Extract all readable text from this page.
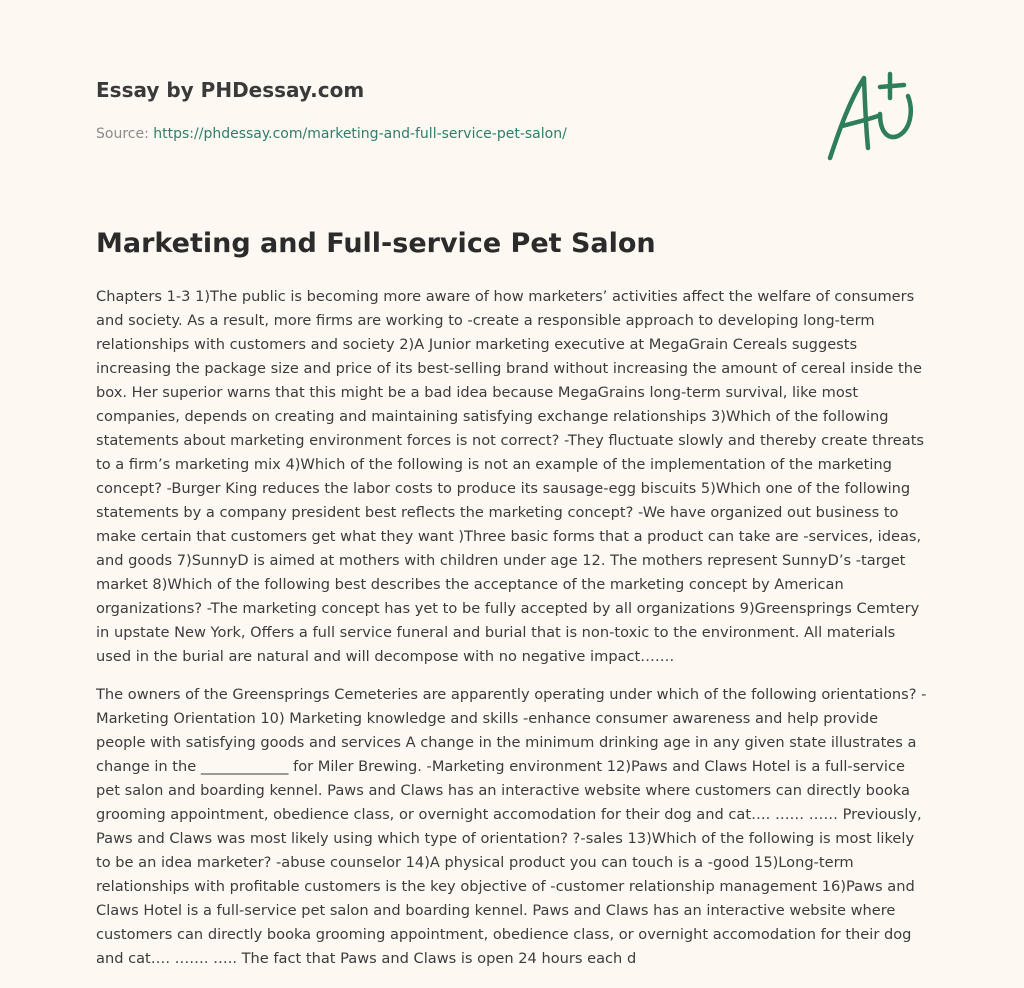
Essay by PHDessay.com
Source: https://phdessay.com/marketing-and-full-service-pet-salon/
Marketing and Full-service Pet Salon

Chapters 1-3 1)The public is becoming more aware of how marketers’ activities affect the welfare of consumers and society. As a result, more firms are working to -create a responsible approach to developing long-term relationships with customers and society 2)A Junior marketing executive at MegaGrain Cereals suggests increasing the package size and price of its best-selling brand without increasing the amount of cereal inside the box. Her superior warns that this might be a bad idea because MegaGrains long-term survival, like most companies, depends on creating and maintaining satisfying exchange relationships 3)Which of the following statements about marketing environment forces is not correct? -They fluctuate slowly and thereby create threats to a firm’s marketing mix 4)Which of the following is not an example of the implementation of the marketing concept? -Burger King reduces the labor costs to produce its sausage-egg biscuits 5)Which one of the following statements by a company president best reflects the marketing concept? -We have organized out business to make certain that customers get what they want )Three basic forms that a product can take are -services, ideas, and goods 7)SunnyD is aimed at mothers with children under age 12. The mothers represent SunnyD’s -target market 8)Which of the following best describes the acceptance of the marketing concept by American organizations? -The marketing concept has yet to be fully accepted by all organizations 9)Greensprings Cemtery in upstate New York, Offers a full service funeral and burial that is non-toxic to the environment. All materials used in the burial are natural and will decompose with no negative impact…….

The owners of the Greensprings Cemeteries are apparently operating under which of the following orientations? -Marketing Orientation 10) Marketing knowledge and skills -enhance consumer awareness and help provide people with satisfying goods and services A change in the minimum drinking age in any given state illustrates a change in the ____________ for Miler Brewing. -Marketing environment 12)Paws and Claws Hotel is a full-service pet salon and boarding kennel. Paws and Claws has an interactive website where customers can directly booka grooming appointment, obedience class, or overnight accomodation for their dog and cat…. …… …… Previously, Paws and Claws was most likely using which type of orientation? ?-sales 13)Which of the following is most likely to be an idea marketer? -abuse counselor 14)A physical product you can touch is a -good 15)Long-term relationships with profitable customers is the key objective of -customer relationship management 16)Paws and Claws Hotel is a full-service pet salon and boarding kennel. Paws and Claws has an interactive website where customers can directly booka grooming appointment, obedience class, or overnight accomodation for their dog and cat…. ……. ….. The fact that Paws and Claws is open 24 hours each d
